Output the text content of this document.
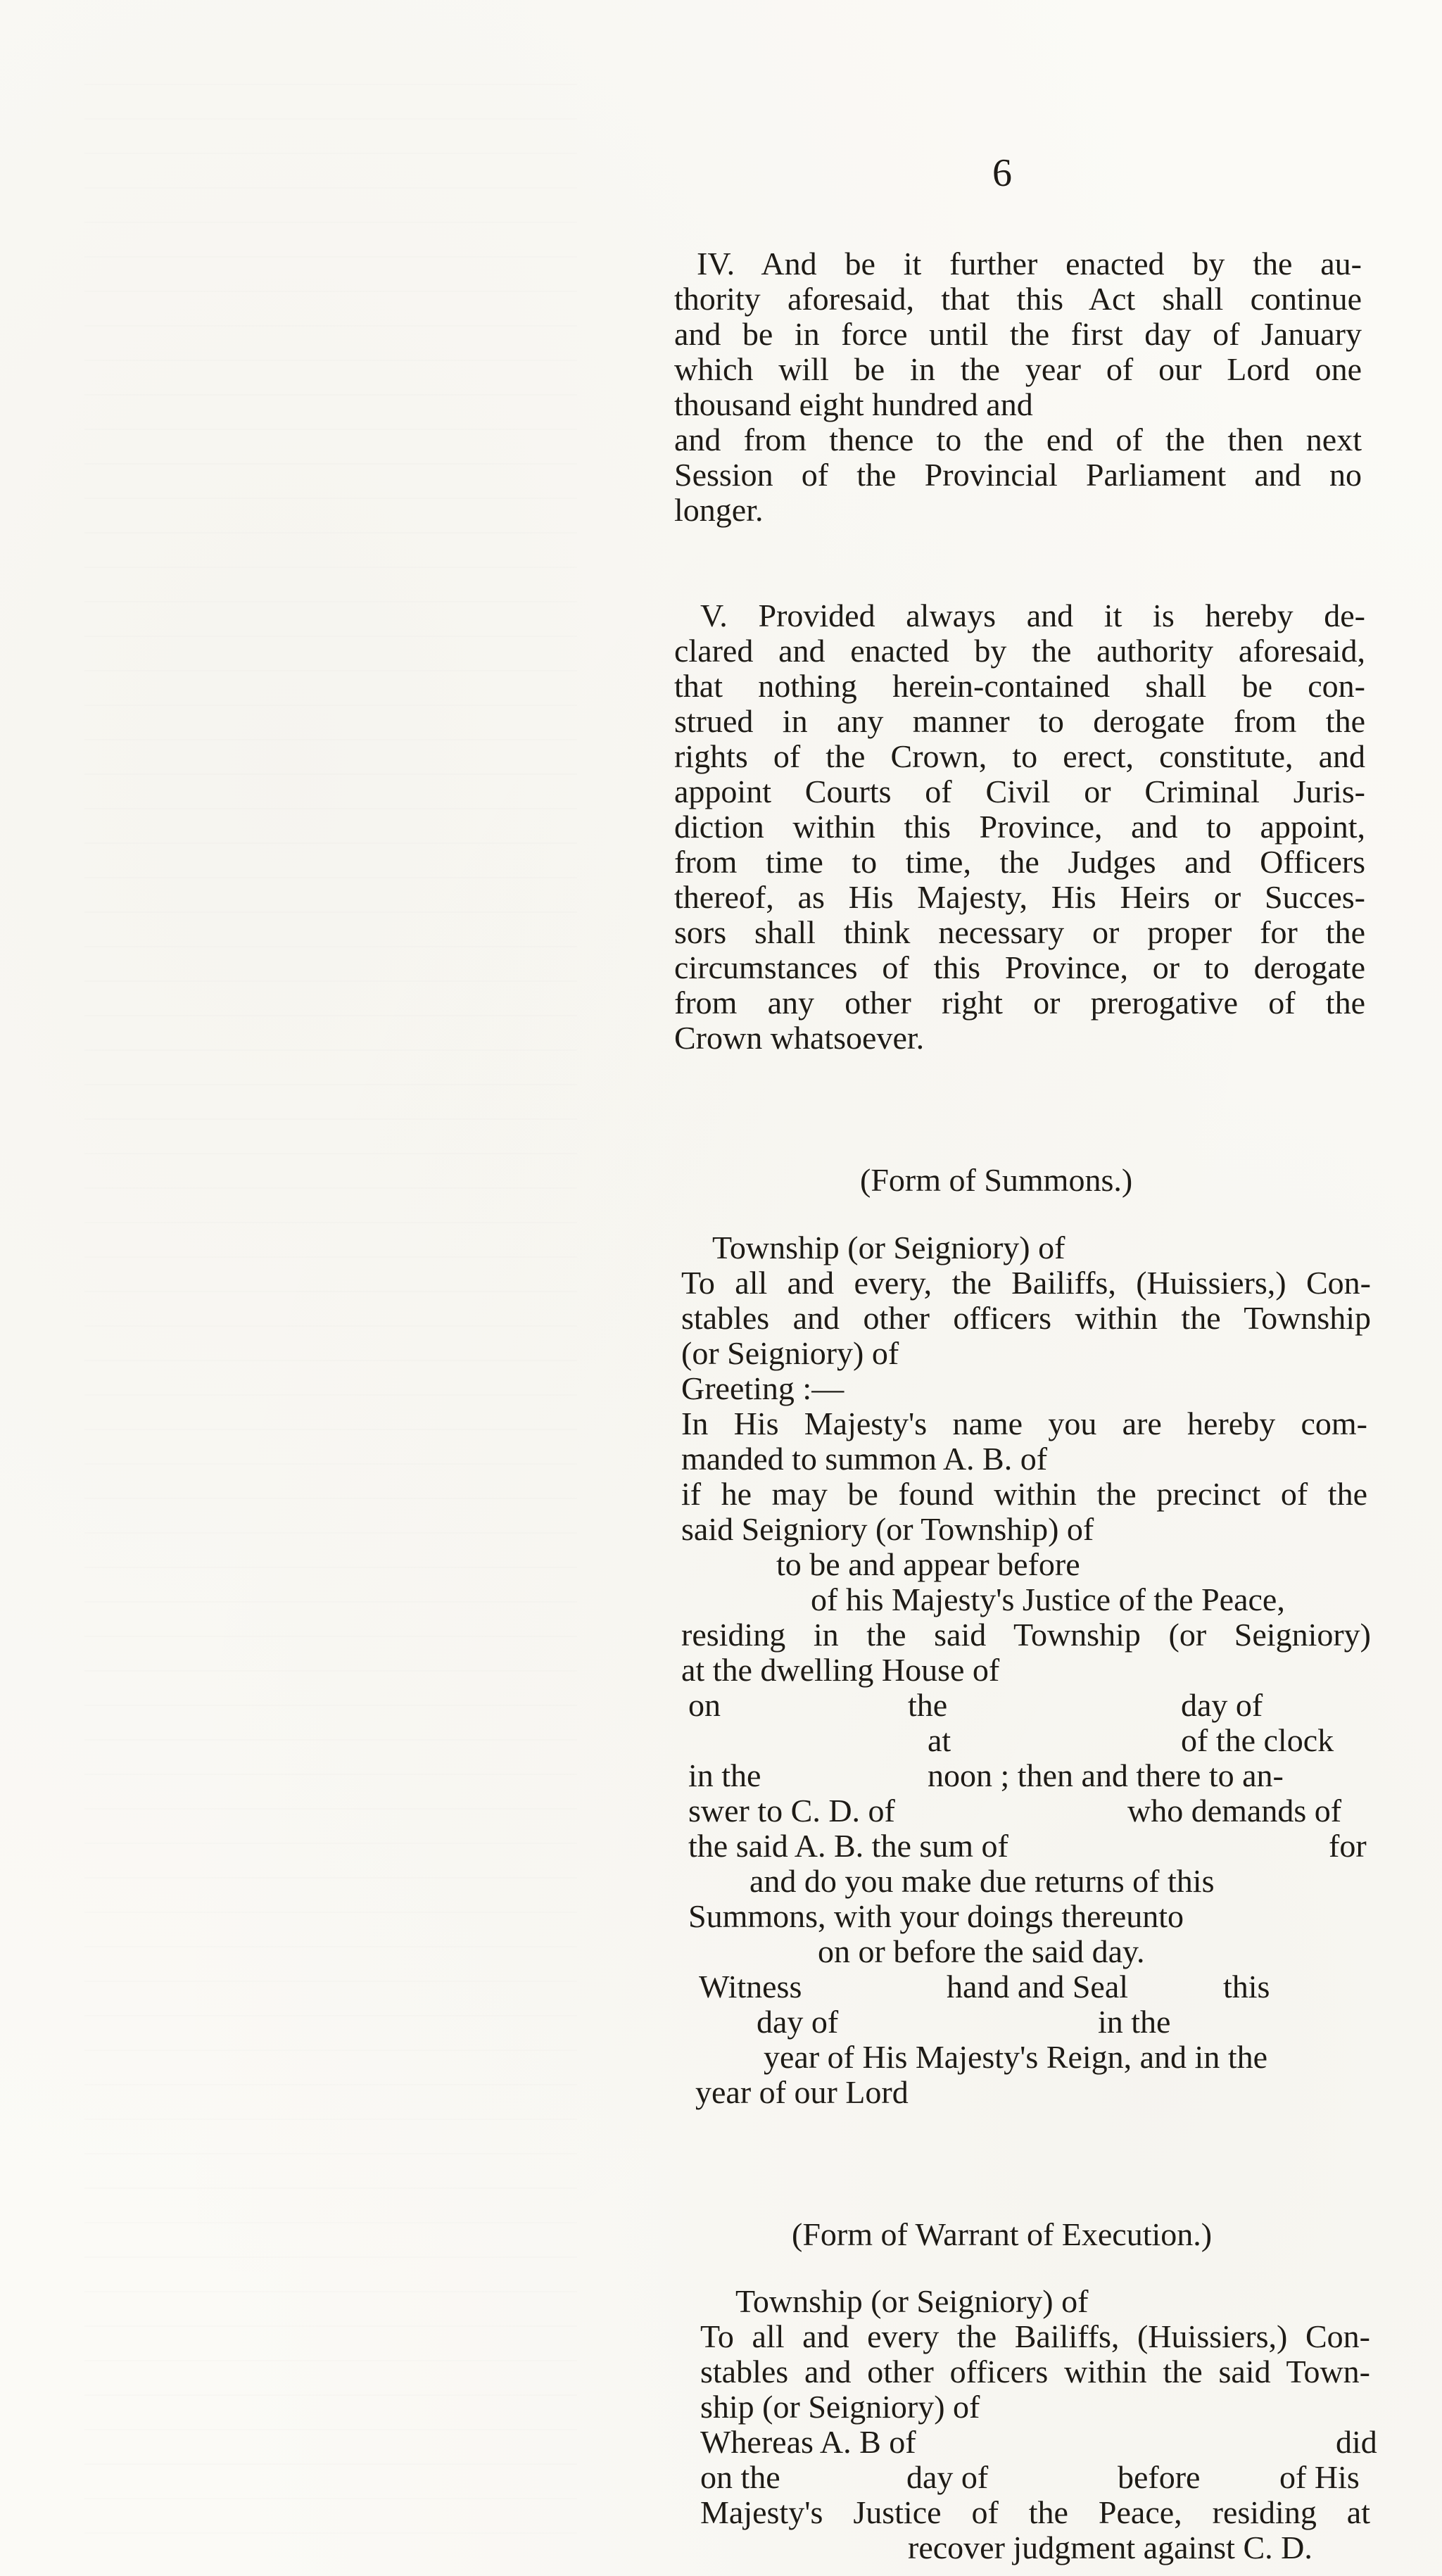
6
IV. And be it further enacted by the au-
thority aforesaid, that this Act shall continue
and be in force until the first day of January
which will be in the year of our Lord one
thousand eight hundred and
and from thence to the end of the then next
Session of the Provincial Parliament and no
longer.
V. Provided always and it is hereby de-
clared and enacted by the authority aforesaid,
that nothing herein-contained shall be con-
strued in any manner to derogate from the
rights of the Crown, to erect, constitute, and
appoint Courts of Civil or Criminal Juris-
diction within this Province, and to appoint,
from time to time, the Judges and Officers
thereof, as His Majesty, His Heirs or Succes-
sors shall think necessary or proper for the
circumstances of this Province, or to derogate
from any other right or prerogative of the
Crown whatsoever.
(Form of Summons.)
Township (or Seigniory) of
To all and every, the Bailiffs, (Huissiers,) Con-
stables and other officers within the Township
(or Seigniory) of
Greeting :—
In His Majesty's name you are hereby com-
manded to summon A. B. of
if he may be found within the precinct of the
said Seigniory (or Township) of
to be and appear before
of his Majesty's Justice of the Peace,
residing in the said Township (or Seigniory)
at the dwelling House of
on	the	day of
at	of the clock
in the	noon ; then and there to an-
swer to C. D. of	who demands of
the said A. B. the sum of	for
and do you make due returns of this
Summons, with your doings thereunto
on or before the said day.
Witness	hand and Seal	this
day of	in the
year of His Majesty's Reign, and in the
year of our Lord
(Form of Warrant of Execution.)
Township (or Seigniory) of
To all and every the Bailiffs, (Huissiers,) Con-
stables and other officers within the said Town-
ship (or Seigniory) of
Whereas A. B of	did
on the	day of	before of His
Majesty's Justice of the Peace, residing at
recover judgment against C. D.
